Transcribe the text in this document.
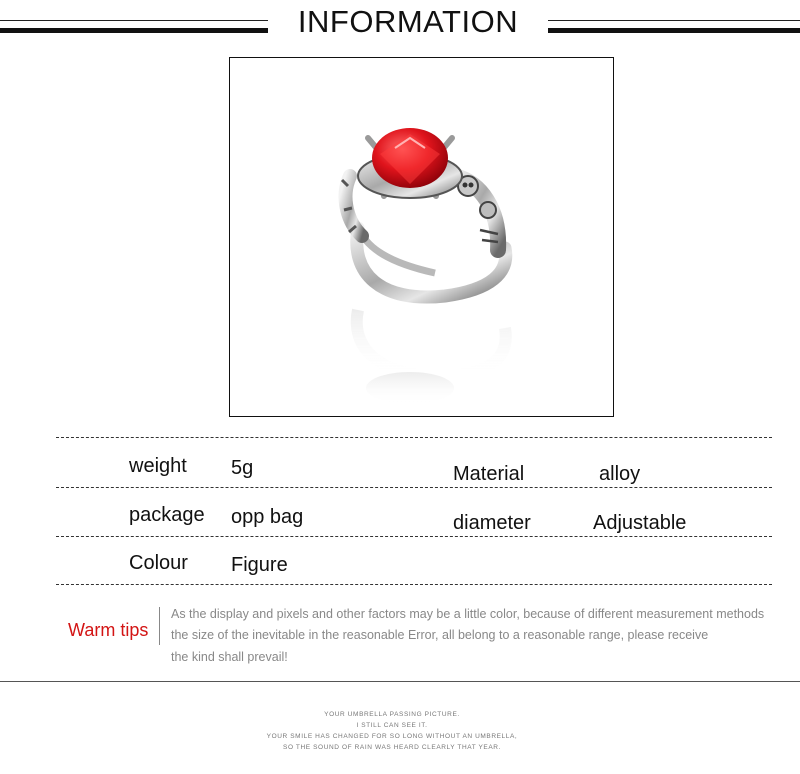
INFORMATION
weight 5g	Material	alloy
package opp bag	diameter	Adjustable
Colour Figure
Warm tips
As the display and pixels and other factors may be a little color, because of different measurement methods
the size of the inevitable in the reasonable Error, all belong to a reasonable range, please receive
the kind shall prevail!
YOUR UMBRELLA PASSING PICTURE.
I STILL CAN SEE IT.
YOUR SMILE HAS CHANGED FOR SO LONG WITHOUT AN UMBRELLA,
SO THE SOUND OF RAIN WAS HEARD CLEARLY THAT YEAR.
